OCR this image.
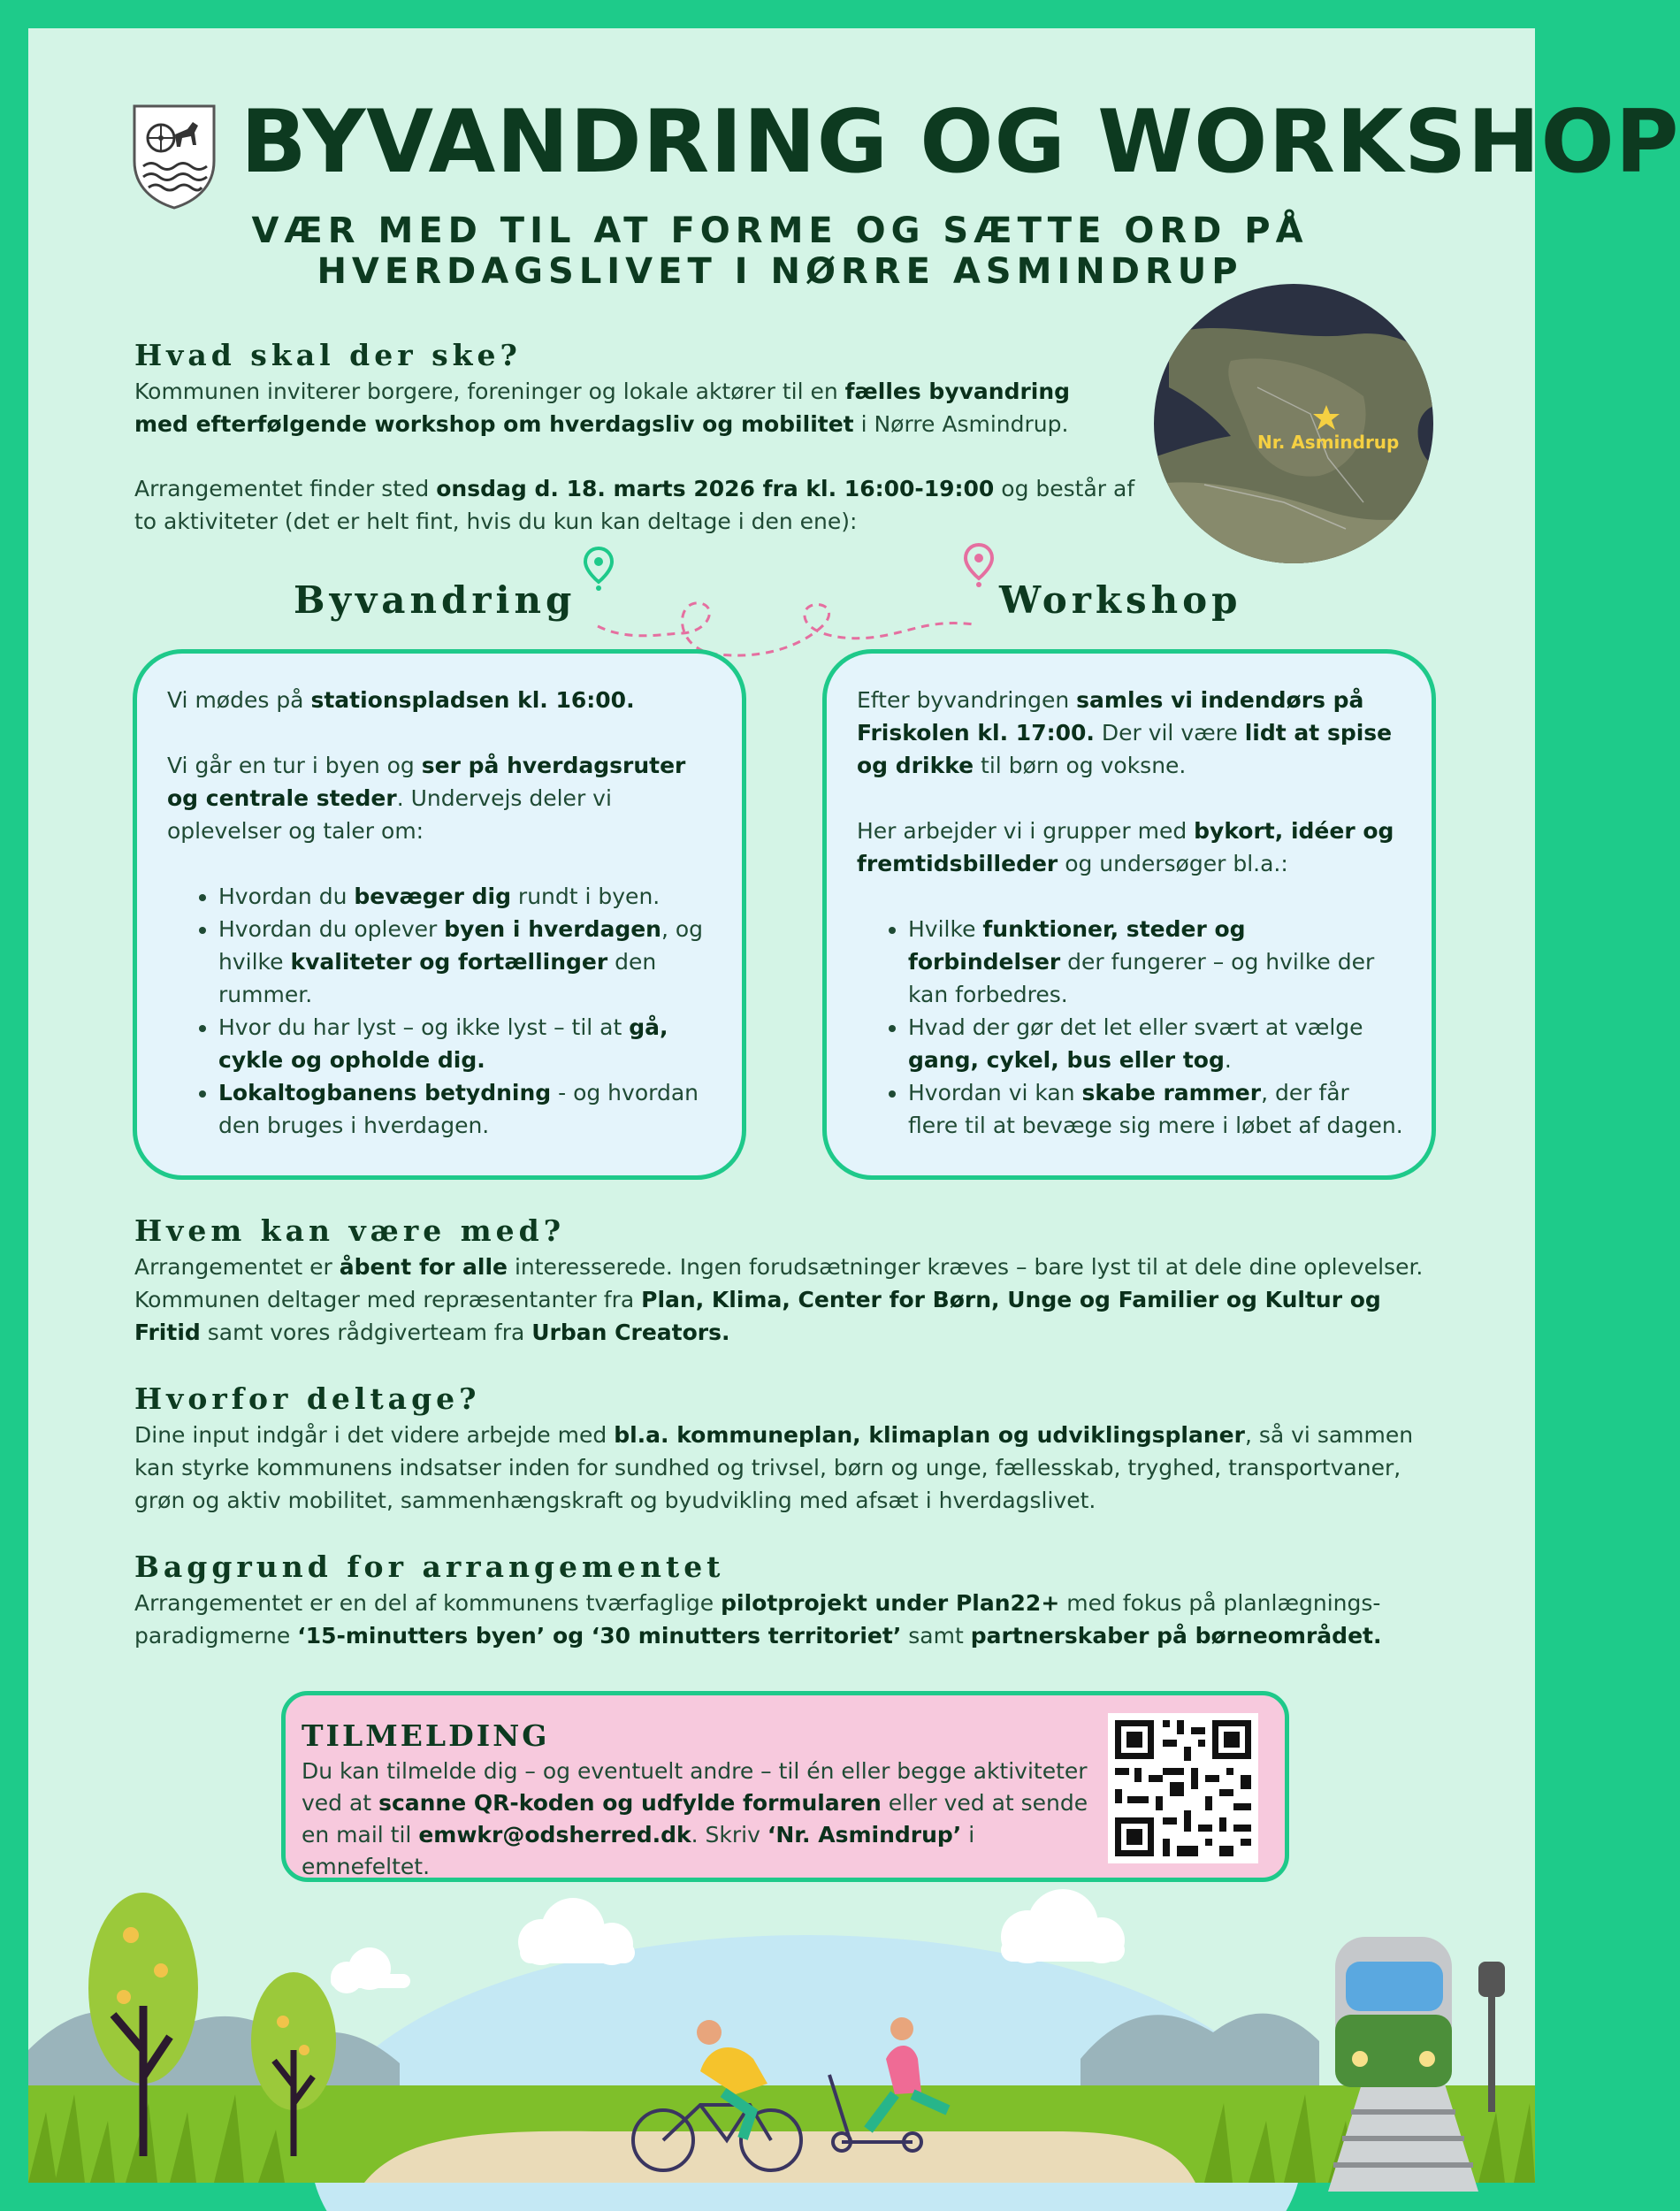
BYVANDRING OG WORKSHOP
VÆR MED TIL AT FORME OG SÆTTE ORD PÅ
HVERDAGSLIVET I NØRRE ASMINDRUP
Nr. Asmindrup
Hvad skal der ske?
Kommunen inviterer borgere, foreninger og lokale aktører til en fælles byvandring med efterfølgende workshop om hverdagsliv og mobilitet i Nørre Asmindrup.
Arrangementet finder sted onsdag d. 18. marts 2026 fra kl. 16:00-19:00 og består af to aktiviteter (det er helt fint, hvis du kun kan deltage i den ene):
Byvandring	Workshop

Vi mødes på stationspladsen kl. 16:00.

Vi går en tur i byen og ser på hverdagsruter og centrale steder. Undervejs deler vi oplevelser og taler om:

• Hvordan du bevæger dig rundt i byen.
• Hvordan du oplever byen i hverdagen, og hvilke kvaliteter og fortællinger den rummer.
• Hvor du har lyst – og ikke lyst – til at gå, cykle og opholde dig.
• Lokaltogbanens betydning - og hvordan den bruges i hverdagen.

Efter byvandringen samles vi indendørs på Friskolen kl. 17:00. Der vil være lidt at spise og drikke til børn og voksne.

Her arbejder vi i grupper med bykort, idéer og fremtidsbilleder og undersøger bl.a.:

• Hvilke funktioner, steder og forbindelser der fungerer – og hvilke der kan forbedres.
• Hvad der gør det let eller svært at vælge gang, cykel, bus eller tog.
• Hvordan vi kan skabe rammer, der får flere til at bevæge sig mere i løbet af dagen.
Hvem kan være med?
Arrangementet er åbent for alle interesserede. Ingen forudsætninger kræves – bare lyst til at dele dine oplevelser. Kommunen deltager med repræsentanter fra Plan, Klima, Center for Børn, Unge og Familier og Kultur og Fritid samt vores rådgiverteam fra Urban Creators.
Hvorfor deltage?
Dine input indgår i det videre arbejde med bl.a. kommuneplan, klimaplan og udviklingsplaner, så vi sammen kan styrke kommunens indsatser inden for sundhed og trivsel, børn og unge, fællesskab, tryghed, transportvaner, grøn og aktiv mobilitet, sammenhængskraft og byudvikling med afsæt i hverdagslivet.
Baggrund for arrangementet
Arrangementet er en del af kommunens tværfaglige pilotprojekt under Plan22+ med fokus på planlægningsparadigmerne ‘15-minutters byen’ og ‘30 minutters territoriet’ samt partnerskaber på børneområdet.
TILMELDING
Du kan tilmelde dig – og eventuelt andre – til én eller begge aktiviteter ved at scanne QR-koden og udfylde formularen eller ved at sende en mail til emwkr@odsherred.dk. Skriv ‘Nr. Asmindrup’ i emnefeltet.
